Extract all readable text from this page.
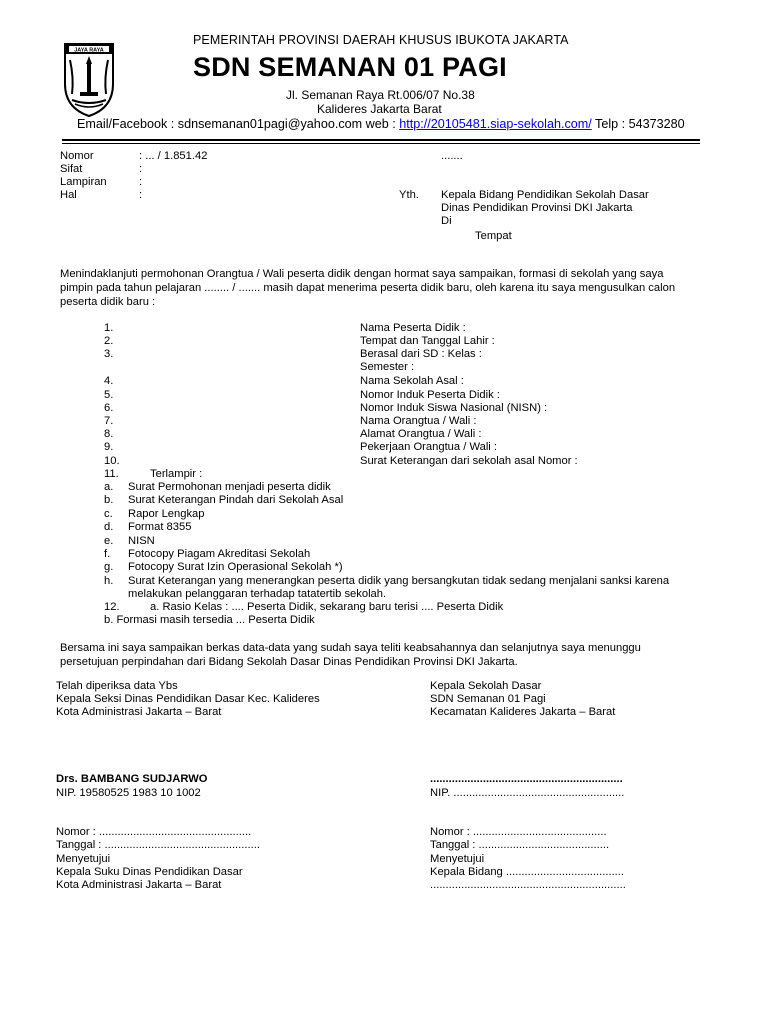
JAYA RAYA
PEMERINTAH PROVINSI DAERAH KHUSUS IBUKOTA JAKARTA
SDN SEMANAN 01 PAGI
Jl. Semanan Raya Rt.006/07 No.38
Kalideres Jakarta Barat
Email/Facebook : sdnsemanan01pagi@yahoo.com web : http://20105481.siap-sekolah.com/ Telp : 54373280
Nomor	: ... / 1.851.42
Sifat	:
Lampiran	:
Hal	:
.......
Yth. Kepala Bidang Pendidikan Sekolah Dasar
Dinas Pendidikan Provinsi DKI Jakarta
Di
Tempat
Menindaklanjuti permohonan Orangtua / Wali peserta didik dengan hormat saya sampaikan, formasi di sekolah yang saya
pimpin pada tahun pelajaran ........ / ....... masih dapat menerima peserta didik baru, oleh karena itu saya mengusulkan calon
peserta didik baru :
1.	Nama Peserta Didik :
2.	Tempat dan Tanggal Lahir :
3.	Berasal dari SD : Kelas :
Semester :
4.	Nama Sekolah Asal :
5.	Nomor Induk Peserta Didik :
6.	Nomor Induk Siswa Nasional (NISN) :
7.	Nama Orangtua / Wali :
8.	Alamat Orangtua / Wali :
9.	Pekerjaan Orangtua / Wali :
10.	Surat Keterangan dari sekolah asal Nomor :
11.	Terlampir :
a. Surat Permohonan menjadi peserta didik
b. Surat Keterangan Pindah dari Sekolah Asal
c. Rapor Lengkap
d. Format 8355
e. NISN
f. Fotocopy Piagam Akreditasi Sekolah
g. Fotocopy Surat Izin Operasional Sekolah *)
h. Surat Keterangan yang menerangkan peserta didik yang bersangkutan tidak sedang menjalani sanksi karena
melakukan pelanggaran terhadap tatatertib sekolah.
12.	a. Rasio Kelas : .... Peserta Didik, sekarang baru terisi .... Peserta Didik
b. Formasi masih tersedia ... Peserta Didik
Bersama ini saya sampaikan berkas data-data yang sudah saya teliti keabsahannya dan selanjutnya saya menunggu
persetujuan perpindahan dari Bidang Sekolah Dasar Dinas Pendidikan Provinsi DKI Jakarta.
Telah diperiksa data Ybs
Kepala Seksi Dinas Pendidikan Dasar Kec. Kalideres
Kota Administrasi Jakarta – Barat
Kepala Sekolah Dasar
SDN Semanan 01 Pagi
Kecamatan Kalideres Jakarta – Barat
Drs. BAMBANG SUDJARWO
NIP. 19580525 1983 10 1002
..............................................................
NIP. .......................................................
Nomor : .................................................
Tanggal : ..................................................
Menyetujui
Kepala Suku Dinas Pendidikan Dasar
Kota Administrasi Jakarta – Barat
Nomor : ...........................................
Tanggal : ..........................................
Menyetujui
Kepala Bidang ......................................
...............................................................
